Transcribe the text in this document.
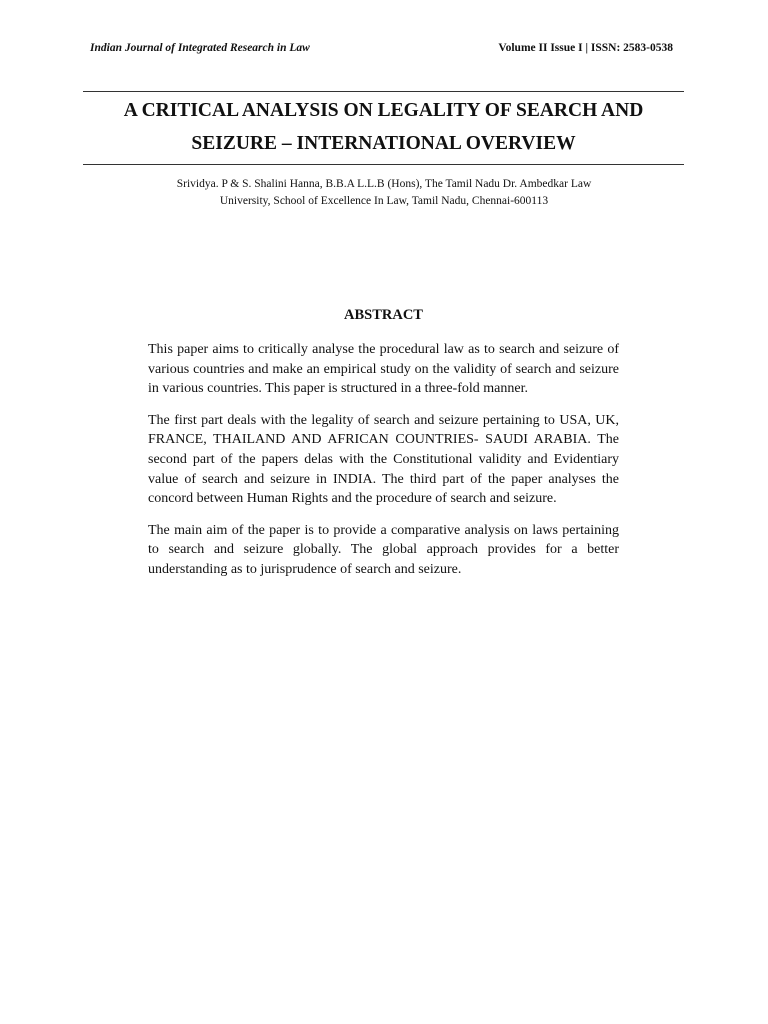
Indian Journal of Integrated Research in Law	Volume II Issue I | ISSN: 2583-0538
A CRITICAL ANALYSIS ON LEGALITY OF SEARCH AND
SEIZURE – INTERNATIONAL OVERVIEW
Srividya. P & S. Shalini Hanna, B.B.A L.L.B (Hons), The Tamil Nadu Dr. Ambedkar Law
University, School of Excellence In Law, Tamil Nadu, Chennai-600113
ABSTRACT

This paper aims to critically analyse the procedural law as to search and seizure of various countries and make an empirical study on the validity of search and seizure in various countries. This paper is structured in a three-fold manner.

The first part deals with the legality of search and seizure pertaining to USA, UK, FRANCE, THAILAND AND AFRICAN COUNTRIES- SAUDI ARABIA. The second part of the papers delas with the Constitutional validity and Evidentiary value of search and seizure in INDIA. The third part of the paper analyses the concord between Human Rights and the procedure of search and seizure.

The main aim of the paper is to provide a comparative analysis on laws pertaining to search and seizure globally. The global approach provides for a better understanding as to jurisprudence of search and seizure.
